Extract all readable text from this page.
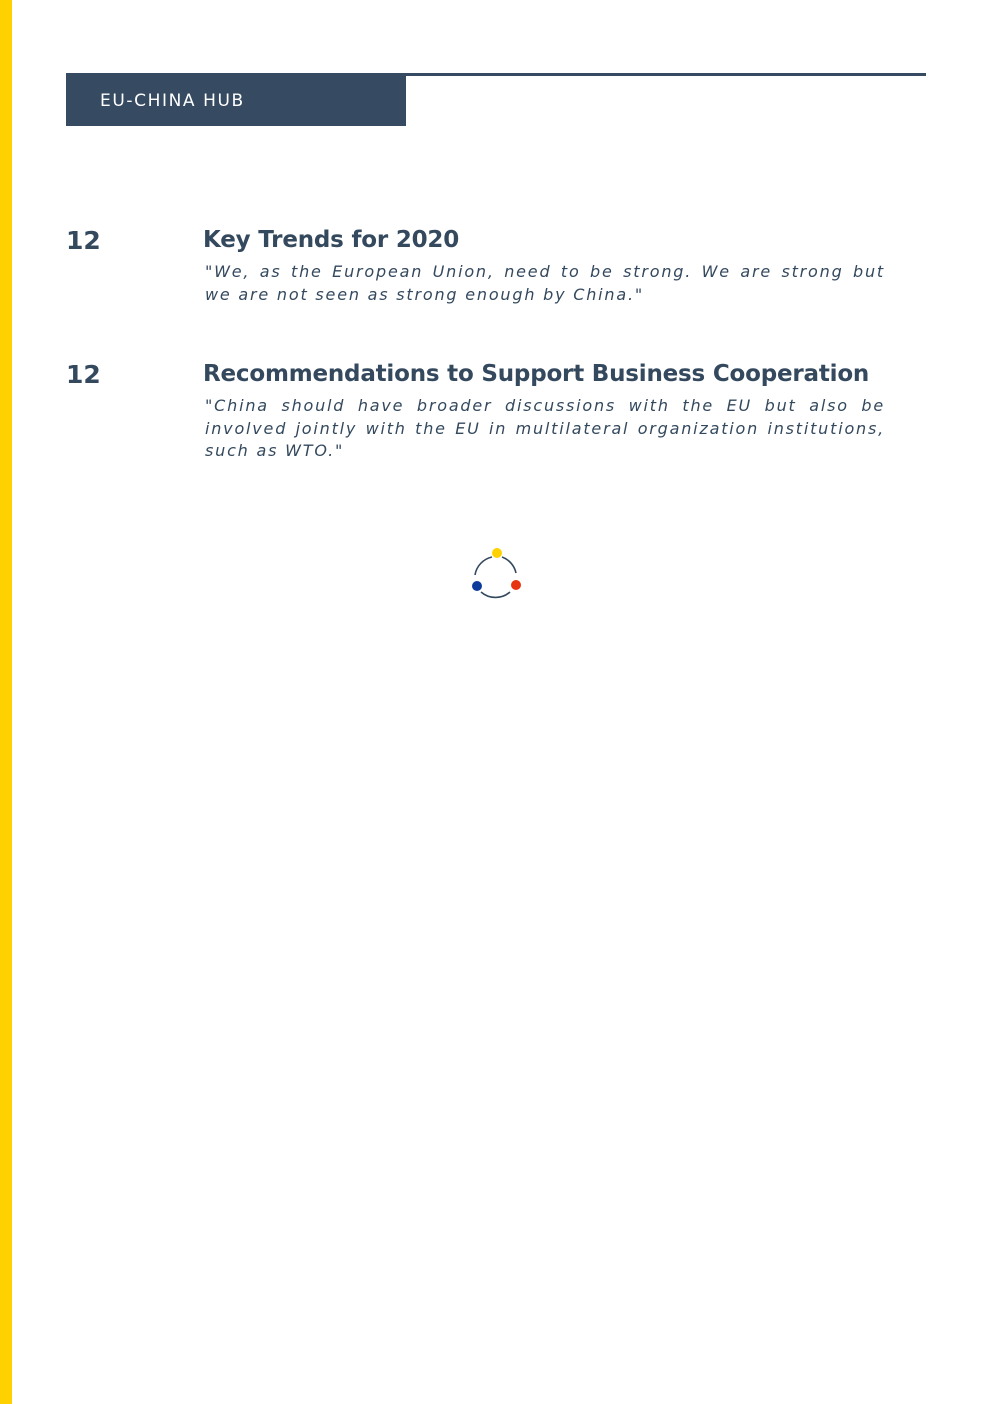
EU-CHINA HUB
12	Key Trends for 2020

"We, as the European Union, need to be strong. We are strong but we are not seen as strong enough by China."

12	Recommendations to Support Business Cooperation

"China should have broader discussions with the EU but also be involved jointly with the EU in multilateral organization institutions, such as WTO."
